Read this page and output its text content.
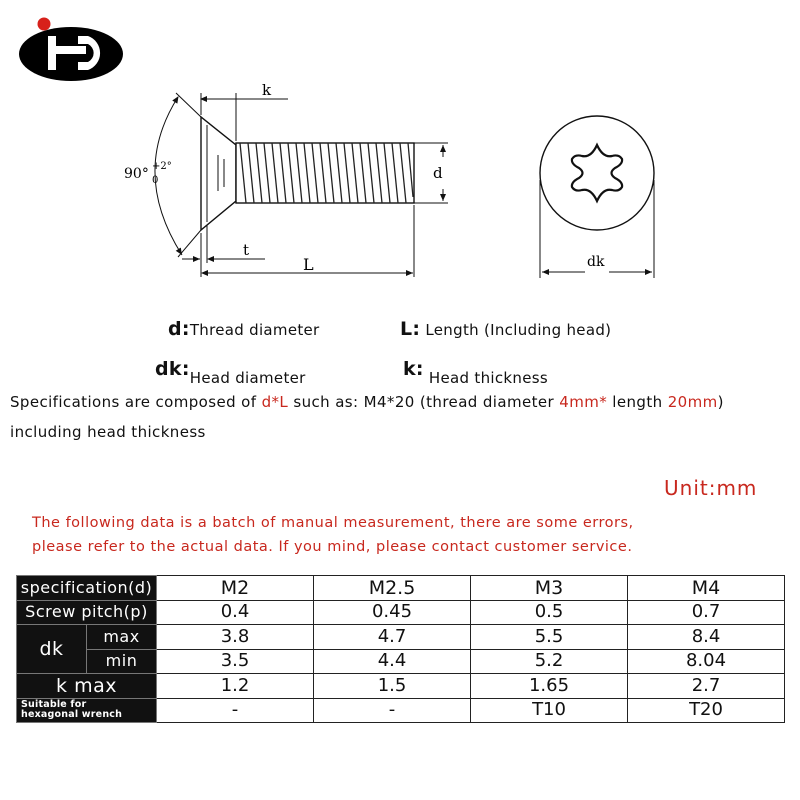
k
90° +2°
0	d
t
L	dk
d:Thread diameter	L: Length (Including head)
dk:Head diameter	k: Head thickness
Specifications are composed of d*L such as: M4*20 (thread diameter 4mm* length 20mm)
including head thickness
Unit:mm
The following data is a batch of manual measurement, there are some errors,
please refer to the actual data. If you mind, please contact customer service.
specification(d)		M2	M2.5	M3	M4
Screw pitch(p)		0.4	0.45	0.5	0.7
dk	max	3.8	4.7	5.5	8.4
	min	3.5	4.4	5.2	8.04
k max		1.2	1.5	1.65	2.7

Suitable for
hexagonal wrench		-	-	T10	T20
